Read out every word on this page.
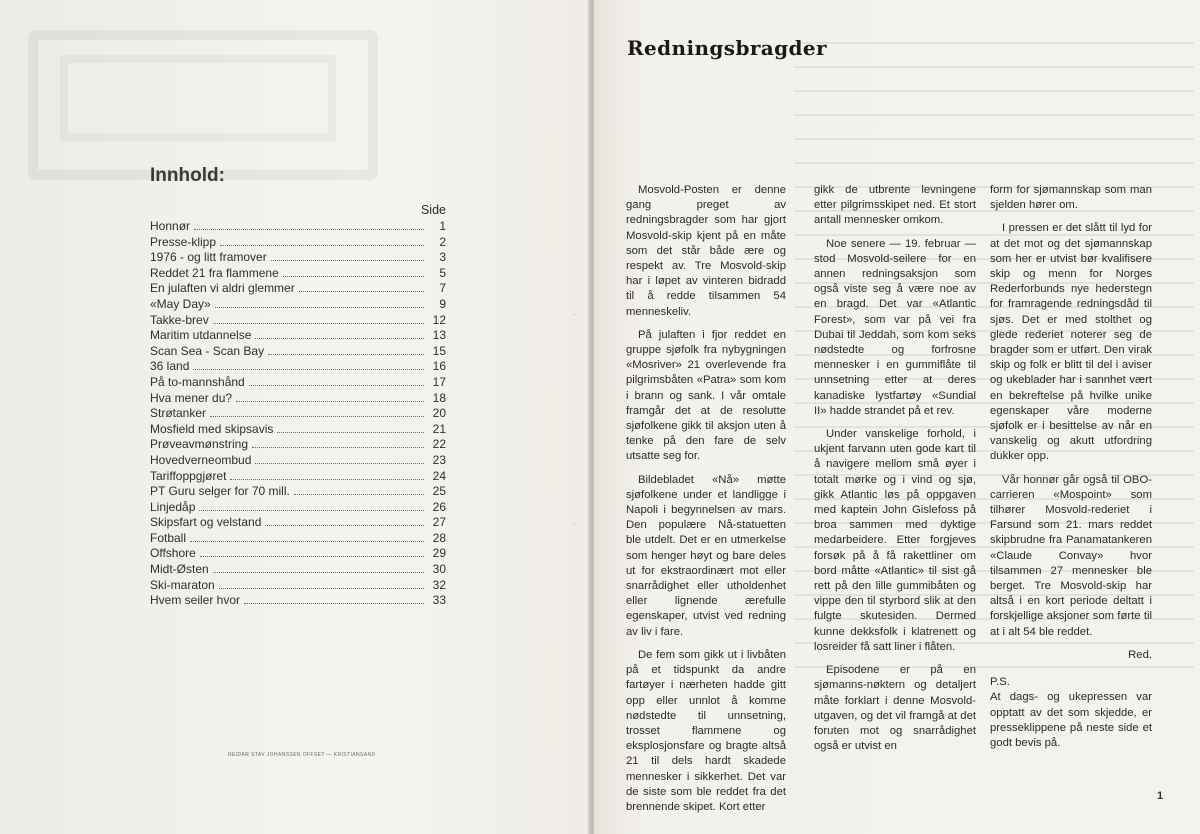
Innhold:
Side
Honnør	1
Presse-klipp	2
1976 - og litt framover	3
Reddet 21 fra flammene	5
En julaften vi aldri glemmer	7
«May Day»	9
Takke-brev	12
Maritim utdannelse	13
Scan Sea - Scan Bay	15
36 land	16
På to-mannshånd	17
Hva mener du?	18
Strøtanker	20
Mosfield med skipsavis	21
Prøveavmønstring	22
Hovedverneombud	23
Tariffoppgjøret	24
PT Guru selger for 70 mill.	25
Linjedåp	26
Skipsfart og velstand	27
Fotball	28
Offshore	29
Midt-Østen	30
Ski-maraton	32
Hvem seiler hvor	33
REIDAR STAV JOHANSSEN OFFSET — KRISTIANSAND
·
·
Redningsbragder

Mosvold-Posten er denne gang preget av redningsbragder som har gjort Mosvold-skip kjent på en måte som det står både ære og respekt av. Tre Mosvold-skip har i løpet av vinteren bidradd til å redde tilsammen 54 menneskeliv.

På julaften i fjor reddet en gruppe sjøfolk fra nybygningen «Mosriver» 21 overlevende fra pilgrimsbåten «Patra» som kom i brann og sank. I vår omtale framgår det at de resolutte sjøfolkene gikk til aksjon uten å tenke på den fare de selv utsatte seg for.

Bildebladet «Nå» møtte sjøfolkene under et landligge i Napoli i begynnelsen av mars. Den populære Nå-statuetten ble utdelt. Det er en utmerkelse som henger høyt og bare deles ut for ekstraordinært mot eller snarrådighet eller utholdenhet eller lignende ærefulle egenskaper, utvist ved redning av liv i fare.

De fem som gikk ut i livbåten på et tidspunkt da andre fartøyer i nærheten hadde gitt opp eller unnlot å komme nødstedte til unnsetning, trosset flammene og eksplosjonsfare og bragte altså 21 til dels hardt skadede mennesker i sikkerhet. Det var de siste som ble reddet fra det brennende skipet. Kort etter

gikk de utbrente levningene etter pilgrimsskipet ned. Et stort antall mennesker omkom.

Noe senere — 19. februar — stod Mosvold-seilere for en annen redningsaksjon som også viste seg å være noe av en bragd. Det var «Atlantic Forest», som var på vei fra Dubai til Jeddah, som kom seks nødstedte og forfrosne mennesker i en gummiflåte til unnsetning etter at deres kanadiske lystfartøy «Sundial II» hadde strandet på et rev.

Under vanskelige forhold, i ukjent farvann uten gode kart til å navigere mellom små øyer i totalt mørke og i vind og sjø, gikk Atlantic løs på oppgaven med kaptein John Gislefoss på broa sammen med dyktige medarbeidere. Etter forgjeves forsøk på å få rakettliner om bord måtte «Atlantic» til sist gå rett på den lille gummibåten og vippe den til styrbord slik at den fulgte skutesiden. Dermed kunne dekksfolk i klatrenett og losreider få satt liner i flåten.

Episodene er på en sjømanns-nøktern og detaljert måte forklart i denne Mosvold-utgaven, og det vil framgå at det foruten mot og snarrådighet også er utvist en

form for sjømannskap som man sjelden hører om.

I pressen er det slått til lyd for at det mot og det sjømannskap som her er utvist bør kvalifisere skip og menn for Norges Rederforbunds nye hederstegn for framragende redningsdåd til sjøs. Det er med stolthet og glede rederiet noterer seg de bragder som er utført. Den virak skip og folk er blitt til del i aviser og ukeblader har i sannhet vært en bekreftelse på hvilke unike egenskaper våre moderne sjøfolk er i besittelse av når en vanskelig og akutt utfordring dukker opp.

Vår honnør går også til OBO-carrieren «Mospoint» som tilhører Mosvold-rederiet i Farsund som 21. mars reddet skipbrudne fra Panamatankeren «Claude Convay» hvor tilsammen 27 mennesker ble berget. Tre Mosvold-skip har altså i en kort periode deltatt i forskjellige aksjoner som førte til at i alt 54 ble reddet.

Red.
P.S.

At dags- og ukepressen var opptatt av det som skjedde, er presseklippene på neste side et godt bevis på.

1
